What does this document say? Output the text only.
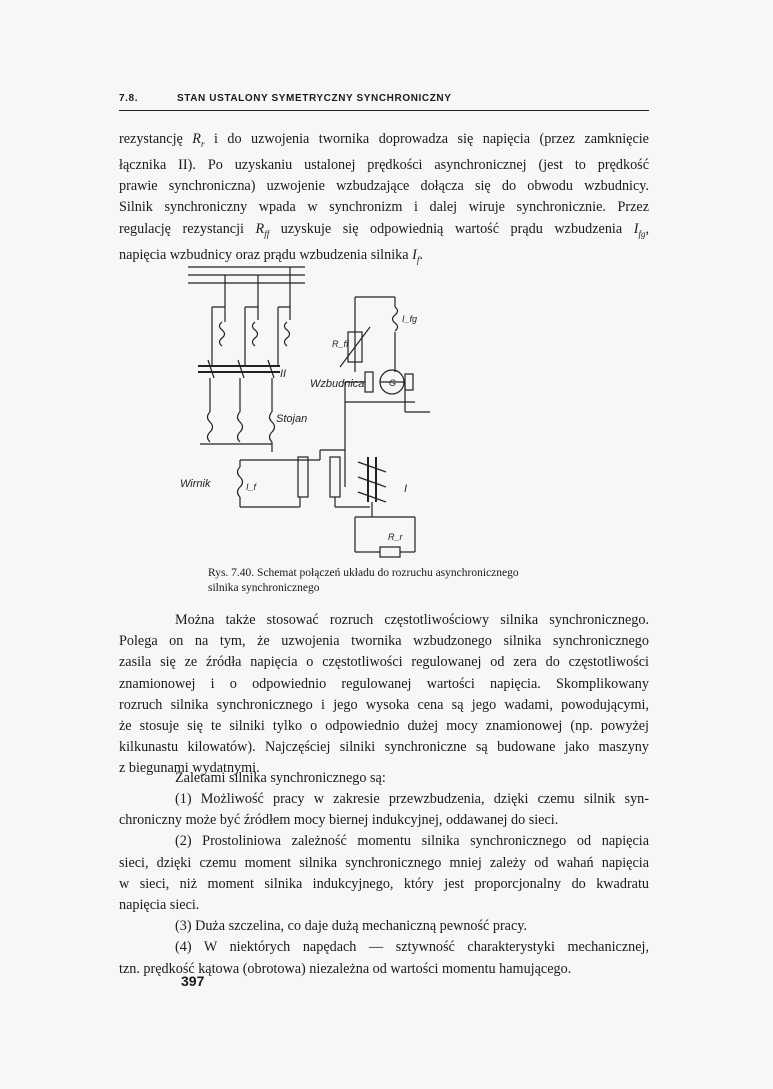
7.8.	STAN USTALONY SYMETRYCZNY SYNCHRONICZNY
rezystancję $R_r$ i do uzwojenia twornika doprowadza się napięcia (przez zamknięcie
łącznika II). Po uzyskaniu ustalonej prędkości asynchronicznej (jest to prędkość
prawie synchroniczna) uzwojenie wzbudzające dołącza się do obwodu wzbudnicy.
Silnik synchroniczny wpada w synchronizm i dalej wiruje synchronicznie. Przez
regulację rezystancji $R_{ff}$ uzyskuje się odpowiednią wartość prądu wzbudzenia $I_{fg}$,
napięcia wzbudnicy oraz prądu wzbudzenia silnika $I_f$.
II
Wzbudnica	G
Stojan
Wirnik	I
R_ff
I_fg
I_f
R_r
Rys. 7.40. Schemat połączeń układu do rozruchu asynchronicznego
silnika synchronicznego
Można także stosować rozruch częstotliwościowy silnika synchronicznego.
Polega on na tym, że uzwojenia twornika wzbudzonego silnika synchronicznego
zasila się ze źródła napięcia o częstotliwości regulowanej od zera do częstotliwości
znamionowej i o odpowiednio regulowanej wartości napięcia. Skomplikowany
rozruch silnika synchronicznego i jego wysoka cena są jego wadami, powodującymi,
że stosuje się te silniki tylko o odpowiednio dużej mocy znamionowej (np. powyżej
kilkunastu kilowatów). Najczęściej silniki synchroniczne są budowane jako maszyny
z biegunami wydatnymi.
Zaletami silnika synchronicznego są:
(1) Możliwość pracy w zakresie przewzbudzenia, dzięki czemu silnik syn-
chroniczny może być źródłem mocy biernej indukcyjnej, oddawanej do sieci.
(2) Prostoliniowa zależność momentu silnika synchronicznego od napięcia
sieci, dzięki czemu moment silnika synchronicznego mniej zależy od wahań napięcia
w sieci, niż moment silnika indukcyjnego, który jest proporcjonalny do kwadratu
napięcia sieci.
(3) Duża szczelina, co daje dużą mechaniczną pewność pracy.
(4) W niektórych napędach — sztywność charakterystyki mechanicznej,
tzn. prędkość kątowa (obrotowa) niezależna od wartości momentu hamującego.
397
